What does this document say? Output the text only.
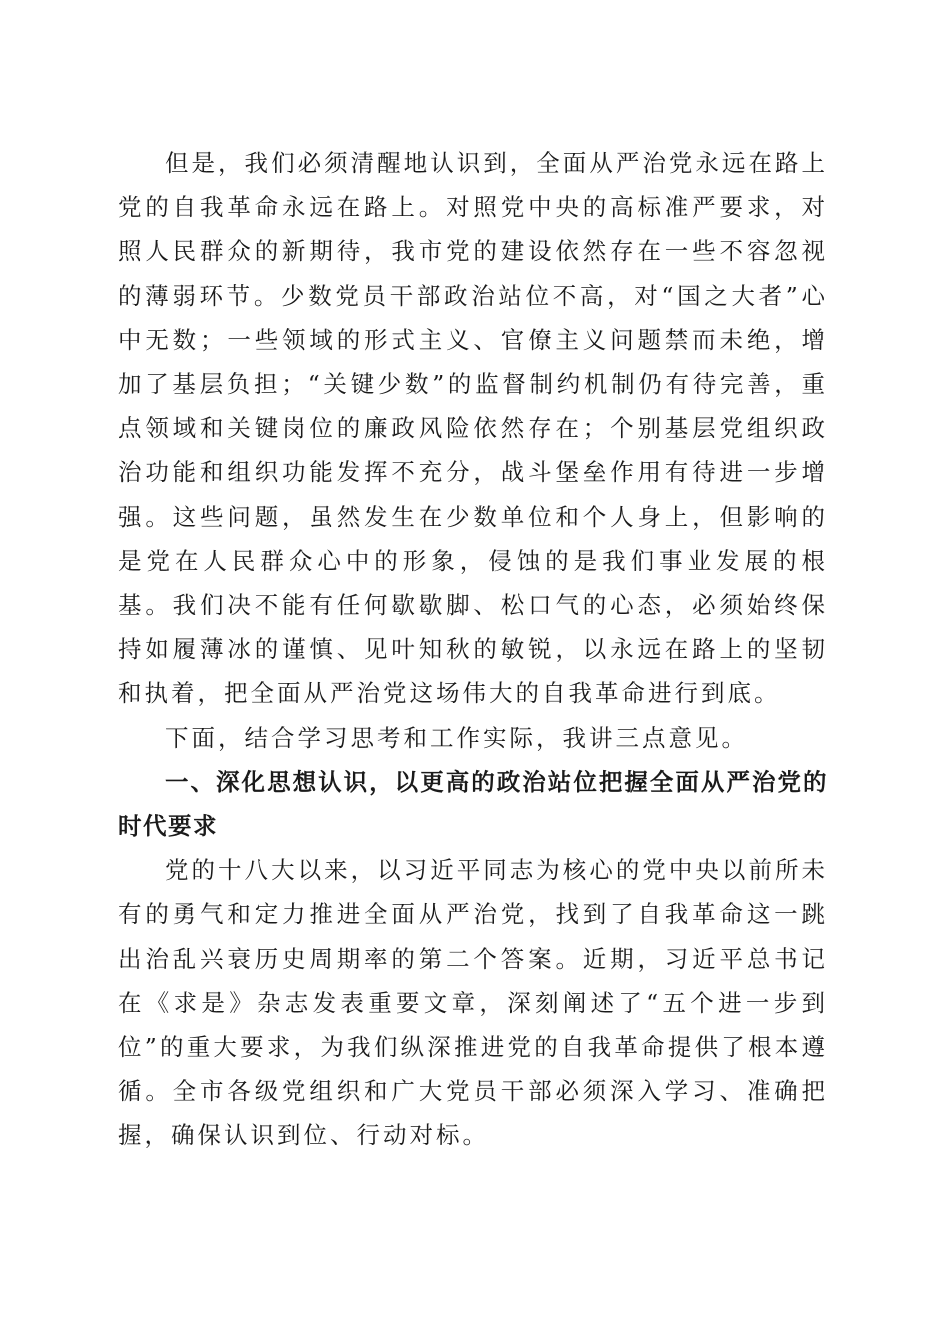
但是，我们必须清醒地认识到，全面从严治党永远在路上党的自我革命永远在路上。对照党中央的高标准严要求，对照人民群众的新期待，我市党的建设依然存在一些不容忽视的薄弱环节。少数党员干部政治站位不高，对“国之大者”心中无数；一些领域的形式主义、官僚主义问题禁而未绝，增加了基层负担；“关键少数”的监督制约机制仍有待完善，重点领域和关键岗位的廉政风险依然存在；个别基层党组织政治功能和组织功能发挥不充分，战斗堡垒作用有待进一步增强。这些问题，虽然发生在少数单位和个人身上，但影响的是党在人民群众心中的形象，侵蚀的是我们事业发展的根基。我们决不能有任何歇歇脚、松口气的心态，必须始终保持如履薄冰的谨慎、见叶知秋的敏锐，以永远在路上的坚韧和执着，把全面从严治党这场伟大的自我革命进行到底。

下面，结合学习思考和工作实际，我讲三点意见。

一、深化思想认识，以更高的政治站位把握全面从严治党的时代要求

党的十八大以来，以习近平同志为核心的党中央以前所未有的勇气和定力推进全面从严治党，找到了自我革命这一跳出治乱兴衰历史周期率的第二个答案。近期，习近平总书记在《求是》杂志发表重要文章，深刻阐述了“五个进一步到位”的重大要求，为我们纵深推进党的自我革命提供了根本遵循。全市各级党组织和广大党员干部必须深入学习、准确把握，确保认识到位、行动对标。
